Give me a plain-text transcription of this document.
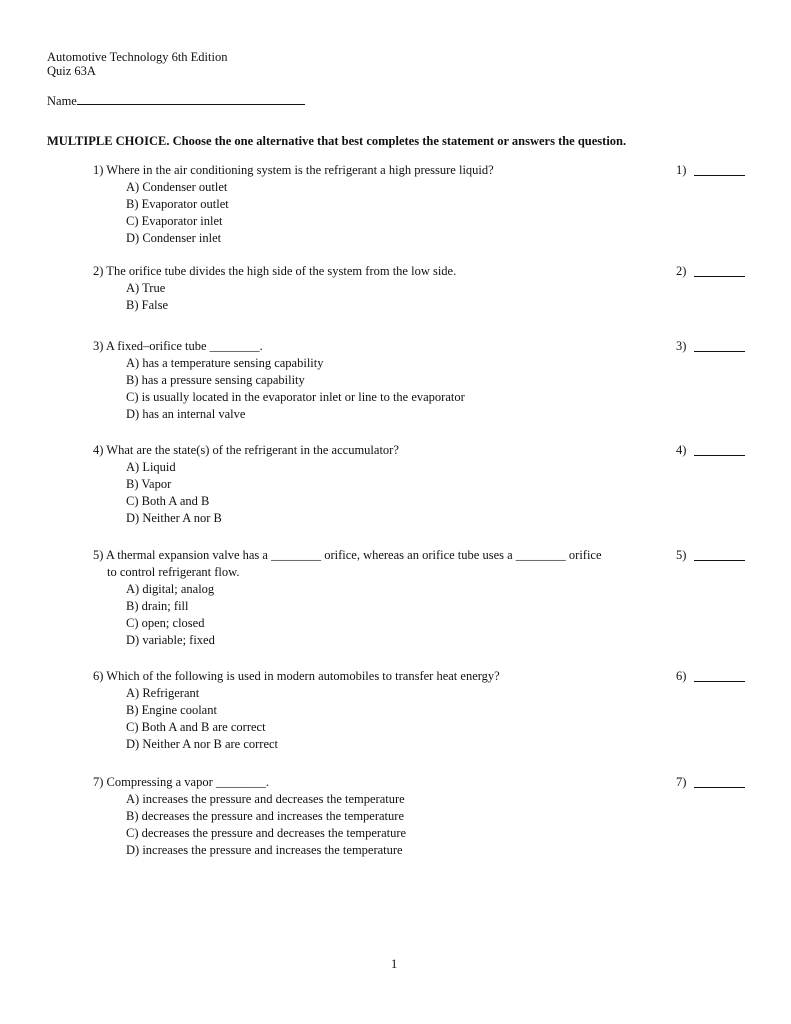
Automotive Technology 6th Edition
Quiz 63A
Name
MULTIPLE CHOICE. Choose the one alternative that best completes the statement or answers the question.
1) Where in the air conditioning system is the refrigerant a high pressure liquid?
A) Condenser outlet
B) Evaporator outlet
C) Evaporator inlet
D) Condenser inlet
1)
2) The orifice tube divides the high side of the system from the low side.
A) True
B) False
2)
3) A fixed–orifice tube ________.
A) has a temperature sensing capability
B) has a pressure sensing capability
C) is usually located in the evaporator inlet or line to the evaporator
D) has an internal valve
3)
4) What are the state(s) of the refrigerant in the accumulator?
A) Liquid
B) Vapor
C) Both A and B
D) Neither A nor B
4)
5) A thermal expansion valve has a ________ orifice, whereas an orifice tube uses a ________ orifice
to control refrigerant flow.
A) digital; analog
B) drain; fill
C) open; closed
D) variable; fixed
5)
6) Which of the following is used in modern automobiles to transfer heat energy?
A) Refrigerant
B) Engine coolant
C) Both A and B are correct
D) Neither A nor B are correct
6)
7) Compressing a vapor ________.
A) increases the pressure and decreases the temperature
B) decreases the pressure and increases the temperature
C) decreases the pressure and decreases the temperature
D) increases the pressure and increases the temperature
7)
1
